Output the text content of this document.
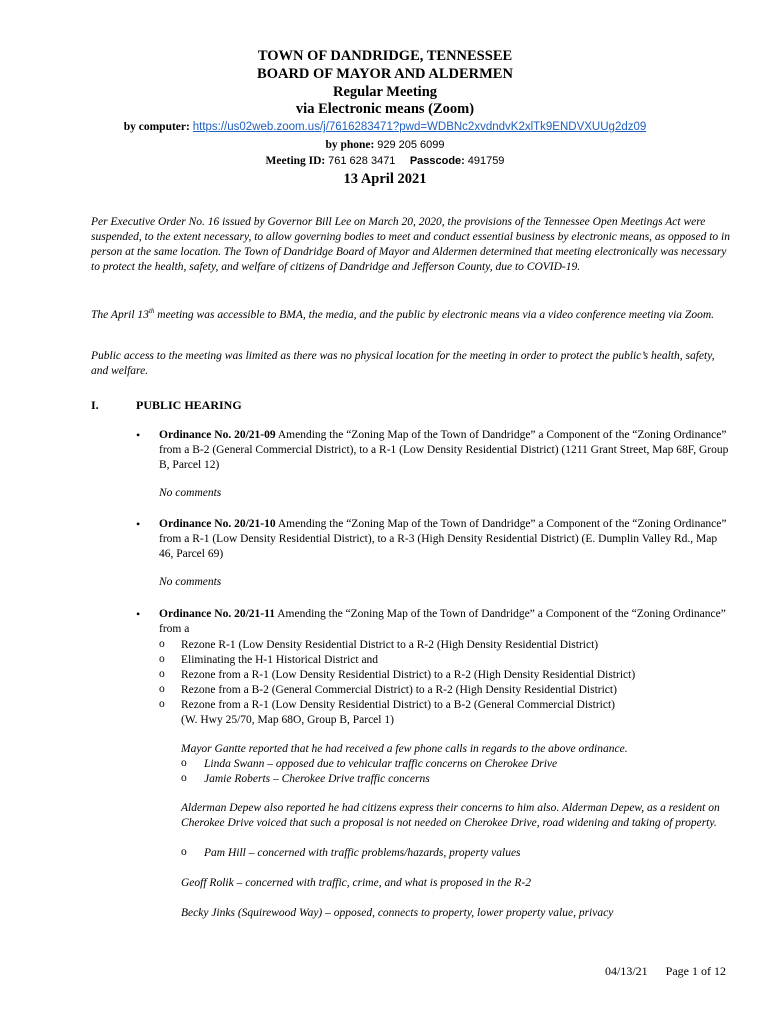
TOWN OF DANDRIDGE, TENNESSEE
BOARD OF MAYOR AND ALDERMEN
Regular Meeting
via Electronic means (Zoom)
by computer: https://us02web.zoom.us/j/7616283471?pwd=WDBNc2xvdndvK2xlTk9ENDVXUUg2dz09
by phone: 929 205 6099
Meeting ID: 761 628 3471 Passcode: 491759
13 April 2021
Per Executive Order No. 16 issued by Governor Bill Lee on March 20, 2020, the provisions of the Tennessee Open Meetings Act were suspended, to the extent necessary, to allow governing bodies to meet and conduct essential business by electronic means, as opposed to in person at the same location. The Town of Dandridge Board of Mayor and Aldermen determined that meeting electronically was necessary to protect the health, safety, and welfare of citizens of Dandridge and Jefferson County, due to COVID-19.
The April 13th meeting was accessible to BMA, the media, and the public by electronic means via a video conference meeting via Zoom.
Public access to the meeting was limited as there was no physical location for the meeting in order to protect the public’s health, safety, and welfare.
I.	PUBLIC HEARING
• Ordinance No. 20/21-09 Amending the “Zoning Map of the Town of Dandridge” a Component of the “Zoning Ordinance” from a B-2 (General Commercial District), to a R-1 (Low Density Residential District) (1211 Grant Street, Map 68F, Group B, Parcel 12)
No comments
• Ordinance No. 20/21-10 Amending the “Zoning Map of the Town of Dandridge” a Component of the “Zoning Ordinance” from a R-1 (Low Density Residential District), to a R-3 (High Density Residential District) (E. Dumplin Valley Rd., Map 46, Parcel 69)
No comments
• Ordinance No. 20/21-11 Amending the “Zoning Map of the Town of Dandridge” a Component of the “Zoning Ordinance” from a
o Rezone R-1 (Low Density Residential District to a R-2 (High Density Residential District)
o Eliminating the H-1 Historical District and
o Rezone from a R-1 (Low Density Residential District) to a R-2 (High Density Residential District)
o Rezone from a B-2 (General Commercial District) to a R-2 (High Density Residential District)
o Rezone from a R-1 (Low Density Residential District) to a B-2 (General Commercial District)
(W. Hwy 25/70, Map 68O, Group B, Parcel 1)
Mayor Gantte reported that he had received a few phone calls in regards to the above ordinance.
o Linda Swann – opposed due to vehicular traffic concerns on Cherokee Drive
o Jamie Roberts – Cherokee Drive traffic concerns
Alderman Depew also reported he had citizens express their concerns to him also. Alderman Depew, as a resident on Cherokee Drive voiced that such a proposal is not needed on Cherokee Drive, road widening and taking of property.
o Pam Hill – concerned with traffic problems/hazards, property values
Geoff Rolik – concerned with traffic, crime, and what is proposed in the R-2
Becky Jinks (Squirewood Way) – opposed, connects to property, lower property value, privacy
04/13/21 Page 1 of 12
